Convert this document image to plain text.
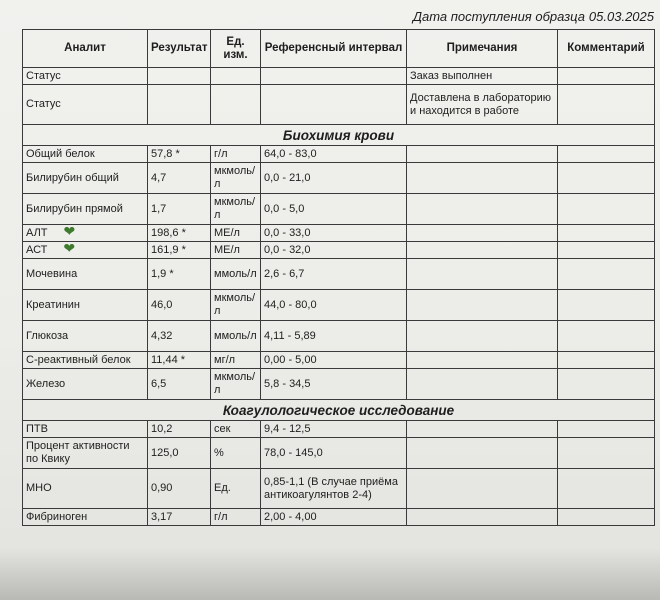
Дата поступления образца 05.03.2025
Аналит	Результат	Ед. изм.	Референсный интервал	Примечания	Комментарий
Статус				Заказ выполнен	
Статус				Доставлена в лабораторию и находится в работе	
Биохимия крови					
Общий белок	57,8 *	г/л	64,0 - 83,0		
Билирубин общий	4,7	мкмоль/л	0,0 - 21,0		
Билирубин прямой	1,7	мкмоль/л	0,0 - 5,0		
АЛТ ❤	198,6 *	МЕ/л	0,0 - 33,0		
АСТ ❤	161,9 *	МЕ/л	0,0 - 32,0		
Мочевина	1,9 *	ммоль/л	2,6 - 6,7		
Креатинин	46,0	мкмоль/л	44,0 - 80,0		
Глюкоза	4,32	ммоль/л	4,11 - 5,89		
С-реактивный белок	11,44 *	мг/л	0,00 - 5,00		
Железо	6,5	мкмоль/л	5,8 - 34,5		
Коагулологическое исследование					
ПТВ	10,2	сек	9,4 - 12,5		
Процент активности по Квику	125,0	%	78,0 - 145,0		
МНО	0,90	Ед.	0,85-1,1 (В случае приёма антикоагулянтов 2-4)		
Фибриноген	3,17	г/л	2,00 - 4,00		
